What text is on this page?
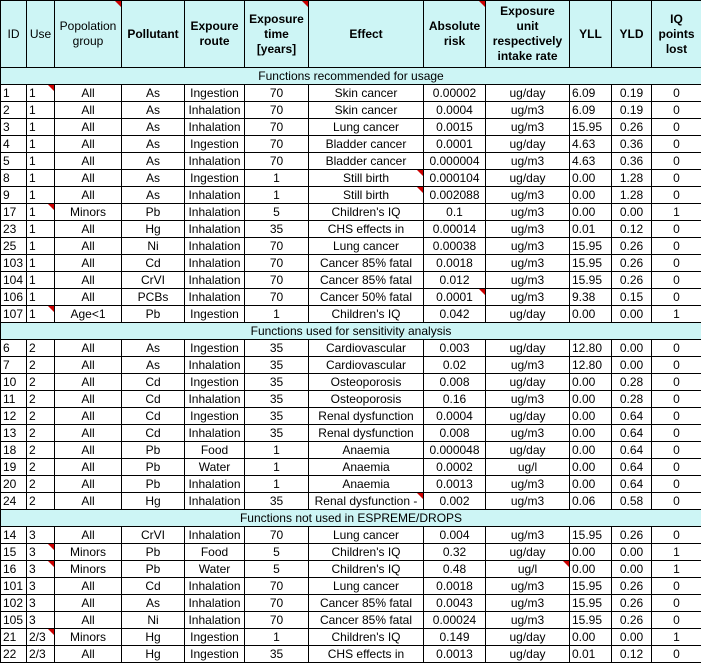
ID	Use	Popolation group	Pollutant	Expoure route	Exposure time [years]	Effect	Absolute risk	Exposure unit respectively intake rate	YLL	YLD	IQ points lost
Functions recommended for usage											
1	1	All	As	Ingestion	70	Skin cancer	0.00002	ug/day	6.09	0.19	0
2	1	All	As	Inhalation	70	Skin cancer	0.0004	ug/m3	6.09	0.19	0
3	1	All	As	Inhalation	70	Lung cancer	0.0015	ug/m3	15.95	0.26	0
4	1	All	As	Ingestion	70	Bladder cancer	0.0001	ug/day	4.63	0.36	0
5	1	All	As	Inhalation	70	Bladder cancer	0.000004	ug/m3	4.63	0.36	0
8	1	All	As	Ingestion	1	Still birth	0.000104	ug/day	0.00	1.28	0
9	1	All	As	Inhalation	1	Still birth	0.002088	ug/m3	0.00	1.28	0
17	1	Minors	Pb	Inhalation	5	Children's IQ	0.1	ug/m3	0.00	0.00	1
23	1	All	Hg	Inhalation	35	CHS effects in	0.00014	ug/m3	0.01	0.12	0
25	1	All	Ni	Inhalation	70	Lung cancer	0.00038	ug/m3	15.95	0.26	0
103	1	All	Cd	Inhalation	70	Cancer 85% fatal	0.0018	ug/m3	15.95	0.26	0
104	1	All	CrVI	Inhalation	70	Cancer 85% fatal	0.012	ug/m3	15.95	0.26	0
106	1	All	PCBs	Inhalation	70	Cancer 50% fatal	0.0001	ug/m3	9.38	0.15	0
107	1	Age<1	Pb	Ingestion	1	Children's IQ	0.042	ug/day	0.00	0.00	1
Functions used for sensitivity analysis											
6	2	All	As	Ingestion	35	Cardiovascular	0.003	ug/day	12.80	0.00	0
7	2	All	As	Inhalation	35	Cardiovascular	0.02	ug/m3	12.80	0.00	0
10	2	All	Cd	Ingestion	35	Osteoporosis	0.008	ug/day	0.00	0.28	0
11	2	All	Cd	Inhalation	35	Osteoporosis	0.16	ug/m3	0.00	0.28	0
12	2	All	Cd	Ingestion	35	Renal dysfunction	0.0004	ug/day	0.00	0.64	0
13	2	All	Cd	Inhalation	35	Renal dysfunction	0.008	ug/m3	0.00	0.64	0
18	2	All	Pb	Food	1	Anaemia	0.000048	ug/day	0.00	0.64	0
19	2	All	Pb	Water	1	Anaemia	0.0002	ug/l	0.00	0.64	0
20	2	All	Pb	Inhalation	1	Anaemia	0.0013	ug/m3	0.00	0.64	0
24	2	All	Hg	Inhalation	35	Renal dysfunction -	0.002	ug/m3	0.06	0.58	0
Functions not used in ESPREME/DROPS											
14	3	All	CrVI	Inhalation	70	Lung cancer	0.004	ug/m3	15.95	0.26	0
15	3	Minors	Pb	Food	5	Children's IQ	0.32	ug/day	0.00	0.00	1
16	3	Minors	Pb	Water	5	Children's IQ	0.48	ug/l	0.00	0.00	1
101	3	All	Cd	Inhalation	70	Lung cancer	0.0018	ug/m3	15.95	0.26	0
102	3	All	As	Inhalation	70	Cancer 85% fatal	0.0043	ug/m3	15.95	0.26	0
105	3	All	Ni	Inhalation	70	Cancer 85% fatal	0.00024	ug/m3	15.95	0.26	0
21	2/3	Minors	Hg	Ingestion	1	Children's IQ	0.149	ug/day	0.00	0.00	1
22	2/3	All	Hg	Ingestion	35	CHS effects in	0.0013	ug/day	0.01	0.12	0
